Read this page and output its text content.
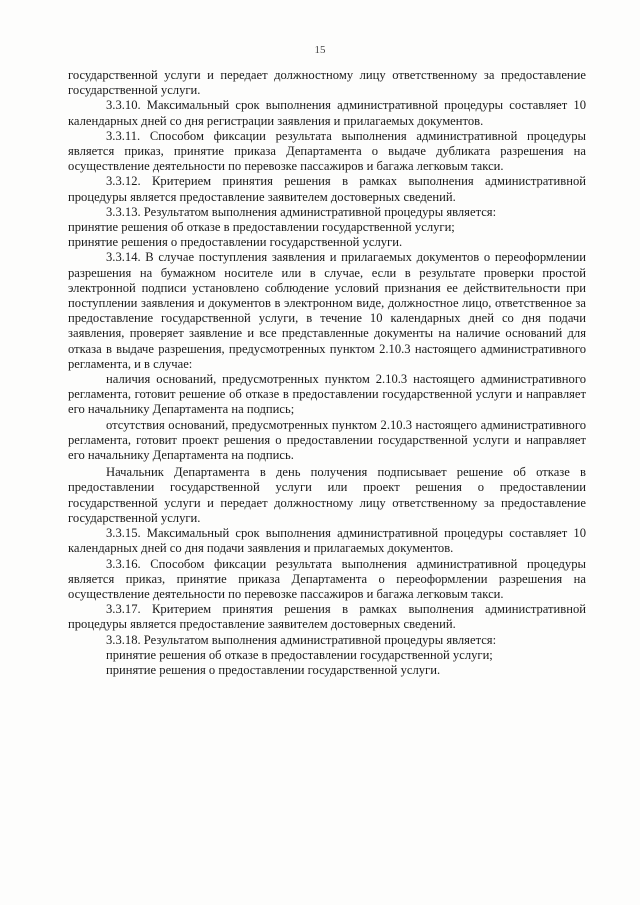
15

государственной услуги и передает должностному лицу ответственному за предоставление государственной услуги.

3.3.10. Максимальный срок выполнения административной процедуры составляет 10 календарных дней со дня регистрации заявления и прилагаемых документов.

3.3.11. Способом фиксации результата выполнения административной процедуры является приказ, принятие приказа Департамента о выдаче дубликата разрешения на осуществление деятельности по перевозке пассажиров и багажа легковым такси.

3.3.12. Критерием принятия решения в рамках выполнения административной процедуры является предоставление заявителем достоверных сведений.

3.3.13. Результатом выполнения административной процедуры является:

принятие решения об отказе в предоставлении государственной услуги;

принятие решения о предоставлении государственной услуги.

3.3.14. В случае поступления заявления и прилагаемых документов о переоформлении разрешения на бумажном носителе или в случае, если в результате проверки простой электронной подписи установлено соблюдение условий признания ее действительности при поступлении заявления и документов в электронном виде, должностное лицо, ответственное за предоставление государственной услуги, в течение 10 календарных дней со дня подачи заявления, проверяет заявление и все представленные документы на наличие оснований для отказа в выдаче разрешения, предусмотренных пунктом 2.10.3 настоящего административного регламента, и в случае:

наличия оснований, предусмотренных пунктом 2.10.3 настоящего административного регламента, готовит решение об отказе в предоставлении государственной услуги и направляет его начальнику Департамента на подпись;

отсутствия оснований, предусмотренных пунктом 2.10.3 настоящего административного регламента, готовит проект решения о предоставлении государственной услуги и направляет его начальнику Департамента на подпись.

Начальник Департамента в день получения подписывает решение об отказе в предоставлении государственной услуги или проект решения о предоставлении государственной услуги и передает должностному лицу ответственному за предоставление государственной услуги.

3.3.15. Максимальный срок выполнения административной процедуры составляет 10 календарных дней со дня подачи заявления и прилагаемых документов.

3.3.16. Способом фиксации результата выполнения административной процедуры является приказ, принятие приказа Департамента о переоформлении разрешения на осуществление деятельности по перевозке пассажиров и багажа легковым такси.

3.3.17. Критерием принятия решения в рамках выполнения административной процедуры является предоставление заявителем достоверных сведений.

3.3.18. Результатом выполнения административной процедуры является:

принятие решения об отказе в предоставлении государственной услуги;

принятие решения о предоставлении государственной услуги.
